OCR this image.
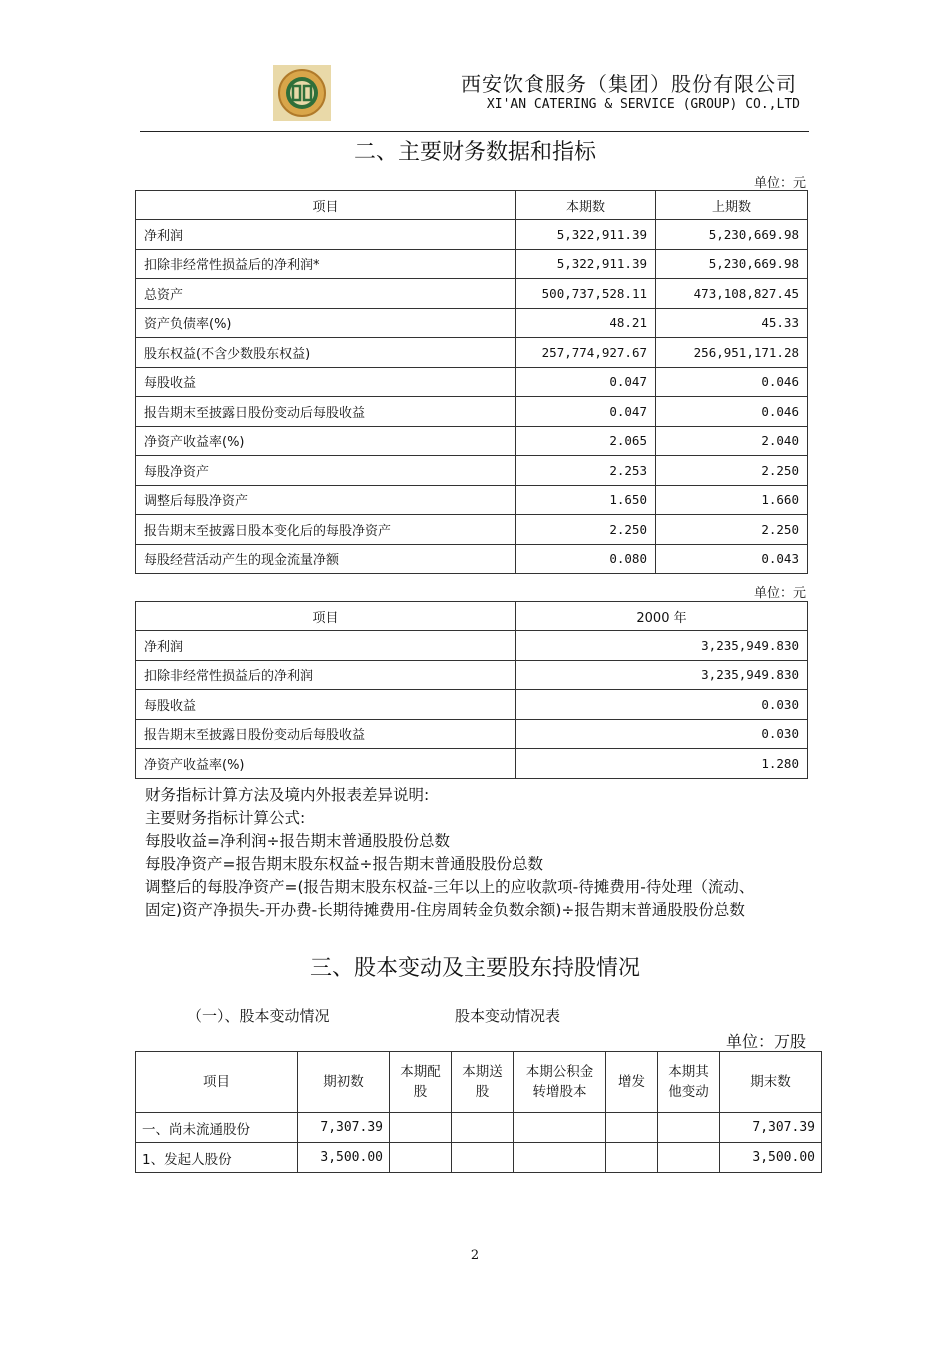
西安饮食服务（集团）股份有限公司
XI'AN CATERING & SERVICE (GROUP) CO.,LTD
二、主要财务数据和指标
单位：元
项目	本期数	上期数
净利润	5,322,911.39	5,230,669.98
扣除非经常性损益后的净利润*	5,322,911.39	5,230,669.98
总资产	500,737,528.11	473,108,827.45
资产负债率(%)	48.21	45.33
股东权益(不含少数股东权益)	257,774,927.67	256,951,171.28
每股收益	0.047	0.046
报告期末至披露日股份变动后每股收益	0.047	0.046
净资产收益率(%)	2.065	2.040
每股净资产	2.253	2.250
调整后每股净资产	1.650	1.660
报告期末至披露日股本变化后的每股净资产	2.250	2.250
每股经营活动产生的现金流量净额	0.080	0.043
单位：元
项目	2000 年
净利润	3,235,949.830
扣除非经常性损益后的净利润	3,235,949.830
每股收益	0.030
报告期末至披露日股份变动后每股收益	0.030
净资产收益率(%)	1.280
财务指标计算方法及境内外报表差异说明:
主要财务指标计算公式:
每股收益=净利润÷报告期末普通股股份总数
每股净资产=报告期末股东权益÷报告期末普通股股份总数
调整后的每股净资产=(报告期末股东权益-三年以上的应收款项-待摊费用-待处理（流动、
固定)资产净损失-开办费-长期待摊费用-住房周转金负数余额)÷报告期末普通股股份总数
三、股本变动及主要股东持股情况
（一）、股本变动情况	股本变动情况表
单位：万股
项目	期初数	本期配股	本期送股	本期公积金转增股本	增发	本期其他变动	期末数
一、尚未流通股份	7,307.39						7,307.39
1、发起人股份	3,500.00						3,500.00
2
